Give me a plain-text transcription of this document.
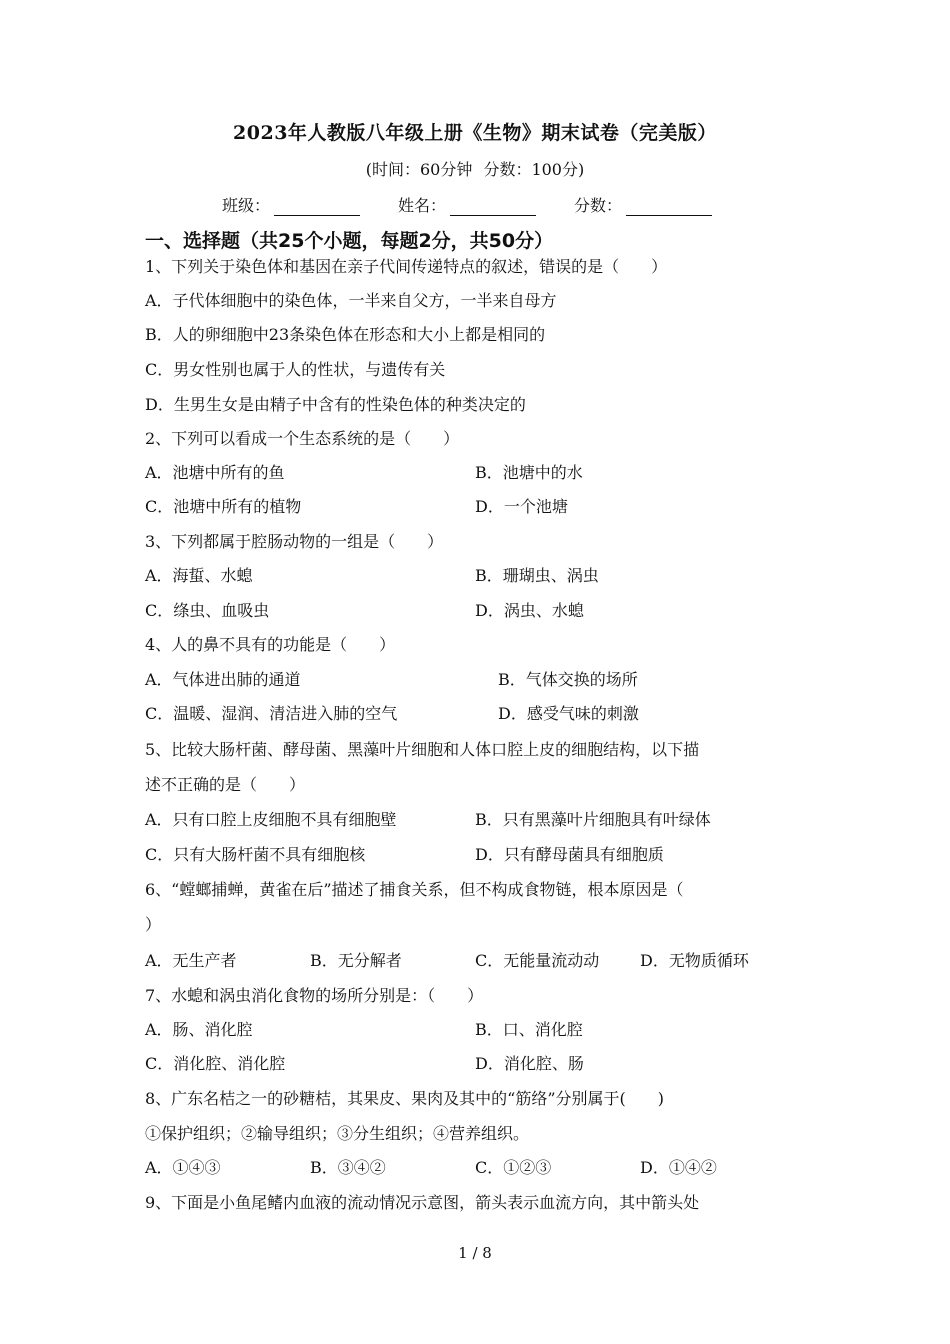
2023年人教版八年级上册《生物》期末试卷（完美版）
(时间：60分钟 分数：100分)
班级：	姓名：	分数：
一、选择题（共25个小题，每题2分，共50分）
1、下列关于染色体和基因在亲子代间传递特点的叙述，错误的是（　　）
A．子代体细胞中的染色体，一半来自父方，一半来自母方
B．人的卵细胞中23条染色体在形态和大小上都是相同的
C．男女性别也属于人的性状，与遗传有关
D．生男生女是由精子中含有的性染色体的种类决定的
2、下列可以看成一个生态系统的是（　　）
A．池塘中所有的鱼	B．池塘中的水
C．池塘中所有的植物	D．一个池塘
3、下列都属于腔肠动物的一组是（　　）
A．海蜇、水螅	B．珊瑚虫、涡虫
C．绦虫、血吸虫	D．涡虫、水螅
4、人的鼻不具有的功能是（　　）
A．气体进出肺的通道	B．气体交换的场所
C．温暖、湿润、清洁进入肺的空气	D．感受气味的刺激
5、比较大肠杆菌、酵母菌、黑藻叶片细胞和人体口腔上皮的细胞结构，以下描
述不正确的是（　　）
A．只有口腔上皮细胞不具有细胞壁	B．只有黑藻叶片细胞具有叶绿体
C．只有大肠杆菌不具有细胞核	D．只有酵母菌具有细胞质
6、“螳螂捕蝉，黄雀在后”描述了捕食关系，但不构成食物链，根本原因是（
）
A．无生产者	B．无分解者	C．无能量流动动	D．无物质循环
7、水螅和涡虫消化食物的场所分别是：（　　）
A．肠、消化腔	B．口、消化腔
C．消化腔、消化腔	D．消化腔、肠
8、广东名桔之一的砂糖桔，其果皮、果肉及其中的“筋络”分别属于(　　)
①保护组织；②输导组织；③分生组织；④营养组织。
A．①④③	B．③④②	C．①②③	D．①④②
9、下面是小鱼尾鳍内血液的流动情况示意图，箭头表示血流方向，其中箭头处
1 / 8
